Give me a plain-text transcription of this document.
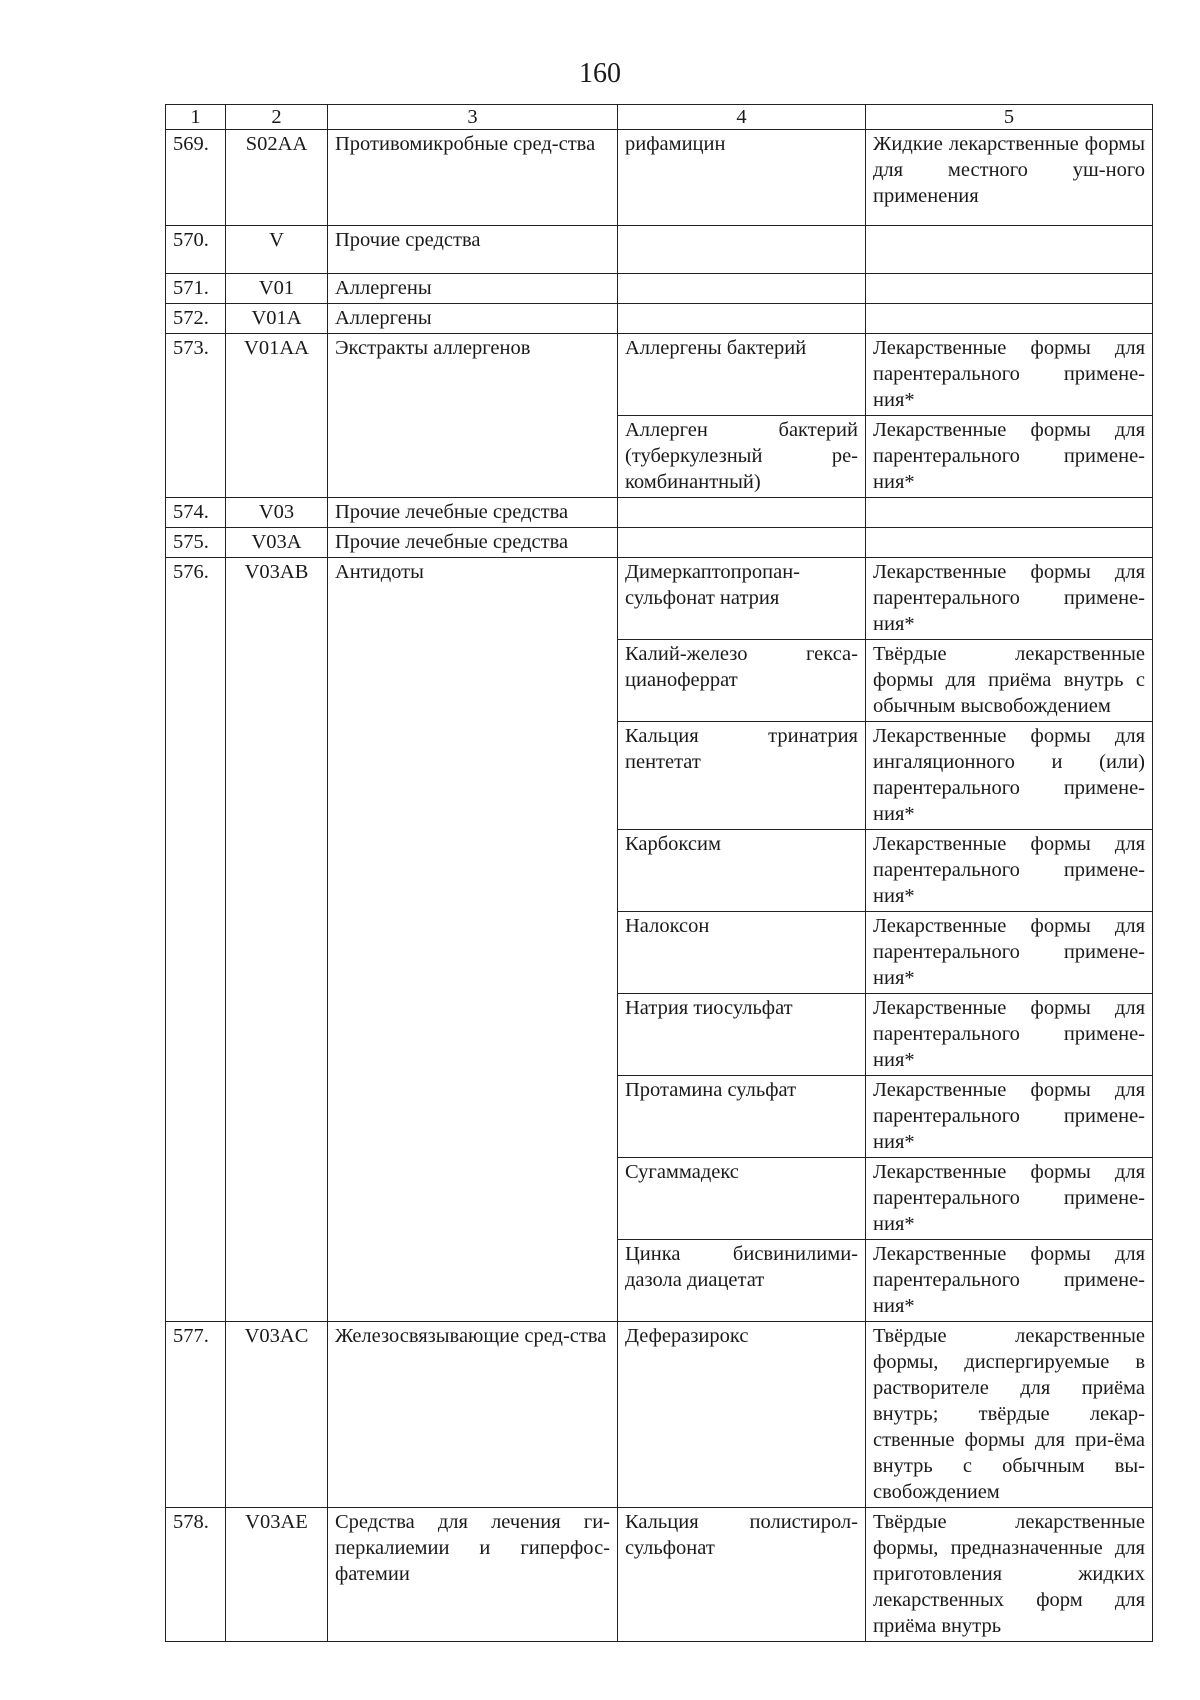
160
1	2	3	4	5
569.	S02AA	Противомикробные сред-ства	рифамицин	Жидкие лекарственные формы для местного уш-ного применения
570.	V	Прочие средства		
571.	V01	Аллергены		
572.	V01A	Аллергены		
573.	V01AA	Экстракты аллергенов	Аллергены бактерий	Лекарственные формы для парентерального примене-ния*
			Аллерген бактерий (туберкулезный ре-комбинантный)	Лекарственные формы для парентерального примене-ния*
574.	V03	Прочие лечебные средства		
575.	V03A	Прочие лечебные средства		
576.	V03AB	Антидоты	Димеркаптопропан-сульфонат натрия	Лекарственные формы для парентерального примене-ния*
			Калий-железо гекса-цианоферрат	Твёрдые лекарственные формы для приёма внутрь с обычным высвобождением
			Кальция тринатрия пентетат	Лекарственные формы для ингаляционного и (или) парентерального примене-ния*
			Карбоксим	Лекарственные формы для парентерального примене-ния*
			Налоксон	Лекарственные формы для парентерального примене-ния*
			Натрия тиосульфат	Лекарственные формы для парентерального примене-ния*
			Протамина сульфат	Лекарственные формы для парентерального примене-ния*
			Сугаммадекс	Лекарственные формы для парентерального примене-ния*
			Цинка бисвинилими-дазола диацетат	Лекарственные формы для парентерального примене-ния*
577.	V03AC	Железосвязывающие сред-ства	Деферазирокс	Твёрдые лекарственные формы, диспергируемые в растворителе для приёма внутрь; твёрдые лекар-ственные формы для при-ёма внутрь с обычным вы-свобождением
578.	V03AE	Средства для лечения ги-перкалиемии и гиперфос-фатемии	Кальция полистирол-сульфонат	Твёрдые лекарственные формы, предназначенные для приготовления жидких лекарственных форм для приёма внутрь
